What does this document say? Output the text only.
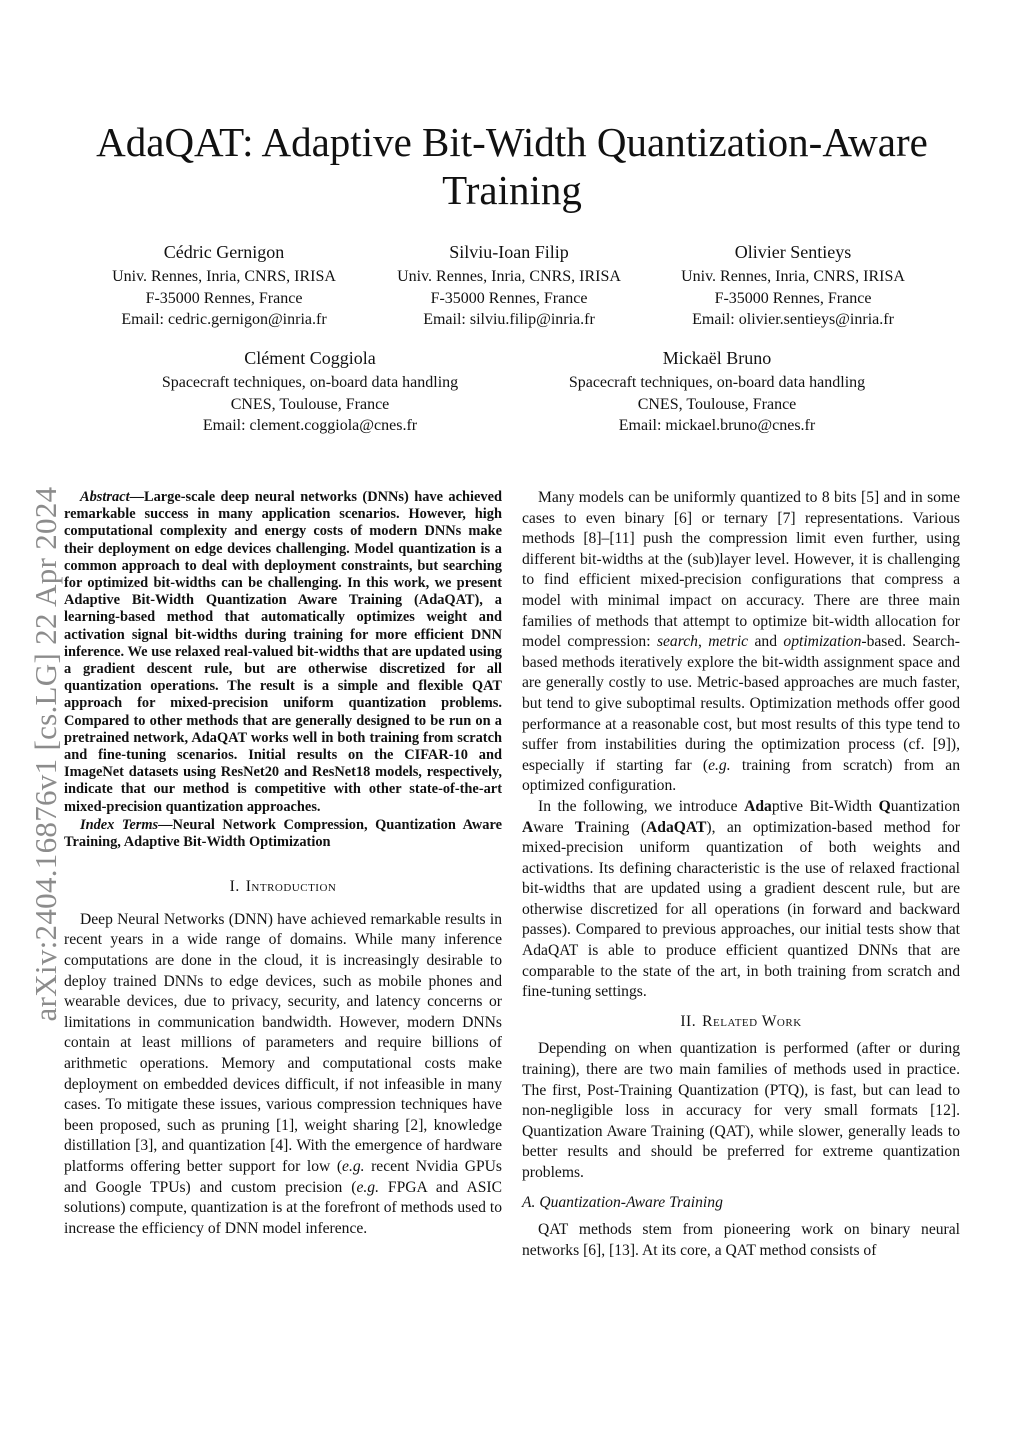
AdaQAT: Adaptive Bit-Width Quantization-Aware Training
Cédric Gernigon
Univ. Rennes, Inria, CNRS, IRISA
F-35000 Rennes, France
Email: cedric.gernigon@inria.fr
Silviu-Ioan Filip
Univ. Rennes, Inria, CNRS, IRISA
F-35000 Rennes, France
Email: silviu.filip@inria.fr
Olivier Sentieys
Univ. Rennes, Inria, CNRS, IRISA
F-35000 Rennes, France
Email: olivier.sentieys@inria.fr
Clément Coggiola
Spacecraft techniques, on-board data handling
CNES, Toulouse, France
Email: clement.coggiola@cnes.fr
Mickaël Bruno
Spacecraft techniques, on-board data handling
CNES, Toulouse, France
Email: mickael.bruno@cnes.fr
arXiv:2404.16876v1 [cs.LG] 22 Apr 2024	Abstract—Large-scale deep neural networks (DNNs) have achieved remarkable success in many application scenarios. However, high computational complexity and energy costs of modern DNNs make their deployment on edge devices challenging. Model quantization is a common approach to deal with deployment constraints, but searching for optimized bit-widths can be challenging. In this work, we present Adaptive Bit-Width Quantization Aware Training (AdaQAT), a learning-based method that automatically optimizes weight and activation signal bit-widths during training for more efficient DNN inference. We use relaxed real-valued bit-widths that are updated using a gradient descent rule, but are otherwise discretized for all quantization operations. The result is a simple and flexible QAT approach for mixed-precision uniform quantization problems. Compared to other methods that are generally designed to be run on a pretrained network, AdaQAT works well in both training from scratch and fine-tuning scenarios. Initial results on the CIFAR-10 and ImageNet datasets using ResNet20 and ResNet18 models, respectively, indicate that our method is competitive with other state-of-the-art mixed-precision quantization approaches.

Index Terms—Neural Network Compression, Quantization Aware Training, Adaptive Bit-Width Optimization

I. Introduction

Deep Neural Networks (DNN) have achieved remarkable results in recent years in a wide range of domains. While many inference computations are done in the cloud, it is increasingly desirable to deploy trained DNNs to edge devices, such as mobile phones and wearable devices, due to privacy, security, and latency concerns or limitations in communication bandwidth. However, modern DNNs contain at least millions of parameters and require billions of arithmetic operations. Memory and computational costs make deployment on embedded devices difficult, if not infeasible in many cases. To mitigate these issues, various compression techniques have been proposed, such as pruning [1], weight sharing [2], knowledge distillation [3], and quantization [4]. With the emergence of hardware platforms offering better support for low (e.g. recent Nvidia GPUs and Google TPUs) and custom precision (e.g. FPGA and ASIC solutions) compute, quantization is at the forefront of methods used to increase the efficiency of DNN model inference.

Many models can be uniformly quantized to 8 bits [5] and in some cases to even binary [6] or ternary [7] representations. Various methods [8]–[11] push the compression limit even further, using different bit-widths at the (sub)layer level. However, it is challenging to find efficient mixed-precision configurations that compress a model with minimal impact on accuracy. There are three main families of methods that attempt to optimize bit-width allocation for model compression: search, metric and optimization-based. Search-based methods iteratively explore the bit-width assignment space and are generally costly to use. Metric-based approaches are much faster, but tend to give suboptimal results. Optimization methods offer good performance at a reasonable cost, but most results of this type tend to suffer from instabilities during the optimization process (cf. [9]), especially if starting far (e.g. training from scratch) from an optimized configuration.

In the following, we introduce Adaptive Bit-Width Quantization Aware Training (AdaQAT), an optimization-based method for mixed-precision uniform quantization of both weights and activations. Its defining characteristic is the use of relaxed fractional bit-widths that are updated using a gradient descent rule, but are otherwise discretized for all operations (in forward and backward passes). Compared to previous approaches, our initial tests show that AdaQAT is able to produce efficient quantized DNNs that are comparable to the state of the art, in both training from scratch and fine-tuning settings.

II. Related Work

Depending on when quantization is performed (after or during training), there are two main families of methods used in practice. The first, Post-Training Quantization (PTQ), is fast, but can lead to non-negligible loss in accuracy for very small formats [12]. Quantization Aware Training (QAT), while slower, generally leads to better results and should be preferred for extreme quantization problems.

A. Quantization-Aware Training

QAT methods stem from pioneering work on binary neural networks [6], [13]. At its core, a QAT method consists of
